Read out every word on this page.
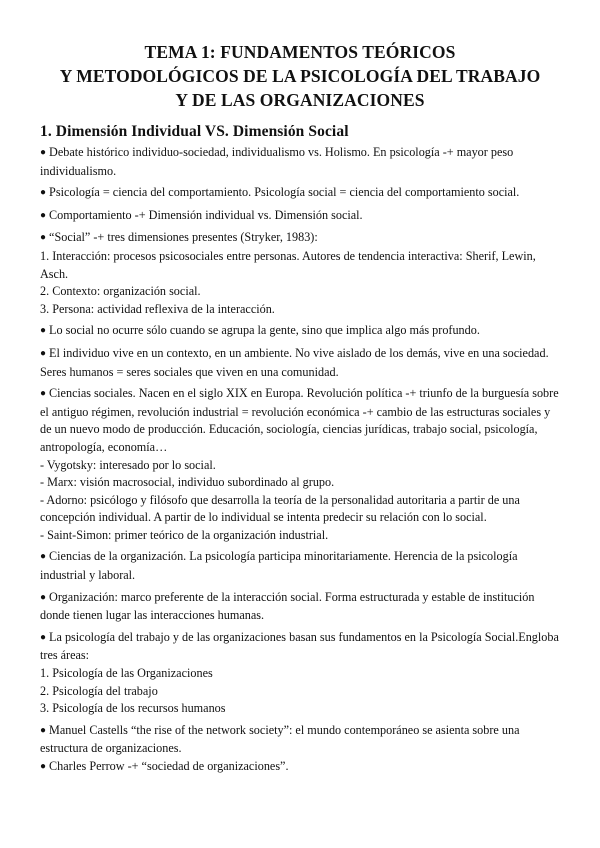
TEMA 1: FUNDAMENTOS TEÓRICOS
Y METODOLÓGICOS DE LA PSICOLOGÍA DEL TRABAJO
Y DE LAS ORGANIZACIONES
1. Dimensión Individual VS. Dimensión Social

● Debate histórico individuo-sociedad, individualismo vs. Holismo. En psicología -+ mayor peso individualismo.

● Psicología = ciencia del comportamiento. Psicología social = ciencia del comportamiento social.

● Comportamiento -+ Dimensión individual vs. Dimensión social.

● “Social” -+ tres dimensiones presentes (Stryker, 1983):

1. Interacción: procesos psicosociales entre personas. Autores de tendencia interactiva: Sherif, Lewin, Asch.

2. Contexto: organización social.

3. Persona: actividad reflexiva de la interacción.

● Lo social no ocurre sólo cuando se agrupa la gente, sino que implica algo más profundo.

● El individuo vive en un contexto, en un ambiente. No vive aislado de los demás, vive en una sociedad. Seres humanos = seres sociales que viven en una comunidad.

● Ciencias sociales. Nacen en el siglo XIX en Europa. Revolución política -+ triunfo de la burguesía sobre el antiguo régimen, revolución industrial = revolución económica -+ cambio de las estructuras sociales y de un nuevo modo de producción. Educación, sociología, ciencias jurídicas, trabajo social, psicología, antropología, economía…

- Vygotsky: interesado por lo social.

- Marx: visión macrosocial, individuo subordinado al grupo.

- Adorno: psicólogo y filósofo que desarrolla la teoría de la personalidad autoritaria a partir de una concepción individual. A partir de lo individual se intenta predecir su relación con lo social.

- Saint-Simon: primer teórico de la organización industrial.

● Ciencias de la organización. La psicología participa minoritariamente. Herencia de la psicología industrial y laboral.

● Organización: marco preferente de la interacción social. Forma estructurada y estable de institución donde tienen lugar las interacciones humanas.

● La psicología del trabajo y de las organizaciones basan sus fundamentos en la Psicología Social.Engloba tres áreas:

1. Psicología de las Organizaciones

2. Psicología del trabajo

3. Psicología de los recursos humanos

● Manuel Castells “the rise of the network society”: el mundo contemporáneo se asienta sobre una estructura de organizaciones.

● Charles Perrow -+ “sociedad de organizaciones”.
